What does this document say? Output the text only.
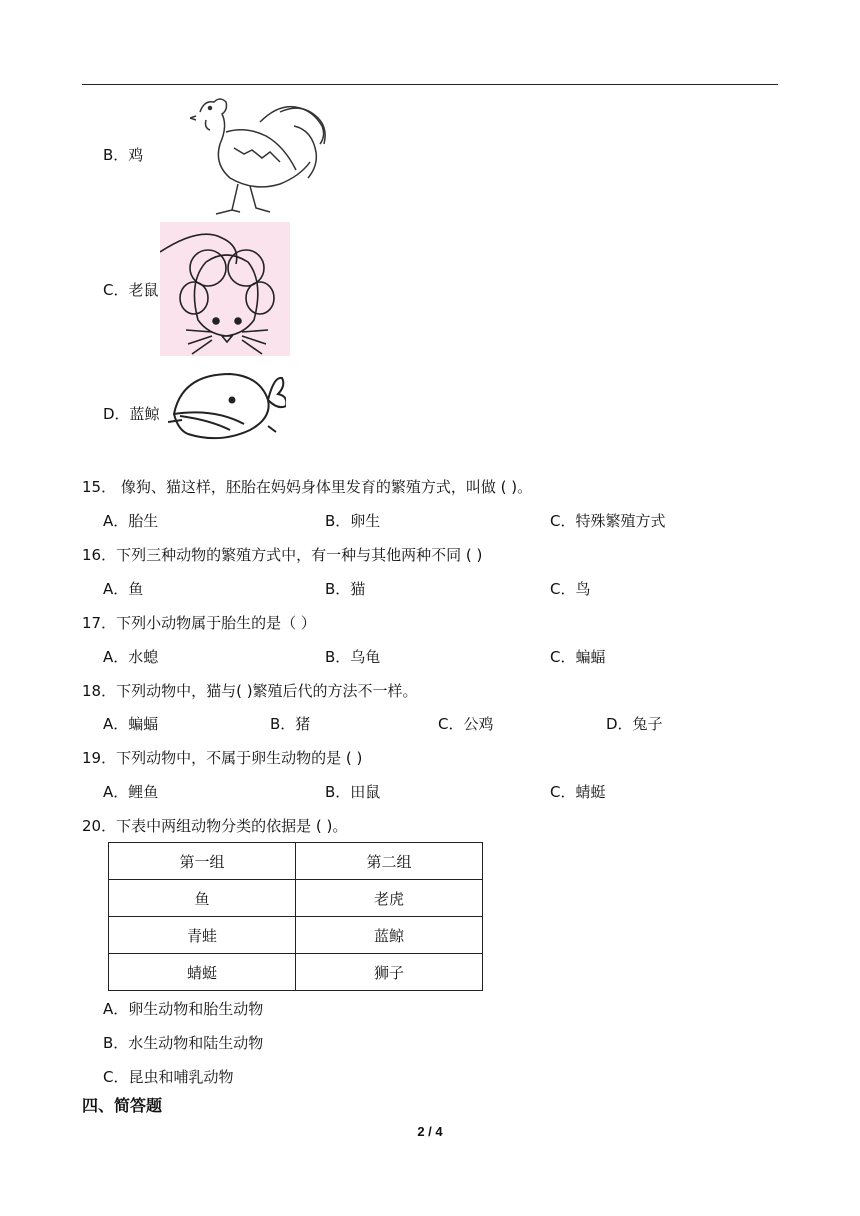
B．鸡
C．老鼠
D．蓝鲸
15． 像狗、猫这样，胚胎在妈妈身体里发育的繁殖方式，叫做 ( )。
A．胎生	B．卵生	C．特殊繁殖方式
16．下列三种动物的繁殖方式中，有一种与其他两种不同 ( )
A．鱼	B．猫	C．鸟
17．下列小动物属于胎生的是（ ）
A．水螅	B．乌龟	C．蝙蝠
18．下列动物中，猫与( )繁殖后代的方法不一样。
A．蝙蝠	B．猪	C．公鸡	D．兔子
19．下列动物中，不属于卵生动物的是 ( )
A．鲤鱼	B．田鼠	C．蜻蜓
20．下表中两组动物分类的依据是 ( )。
第一组	第二组
鱼	老虎
青蛙	蓝鲸
蜻蜓	狮子
A．卵生动物和胎生动物
B．水生动物和陆生动物
C．昆虫和哺乳动物
四、简答题
2 / 4
